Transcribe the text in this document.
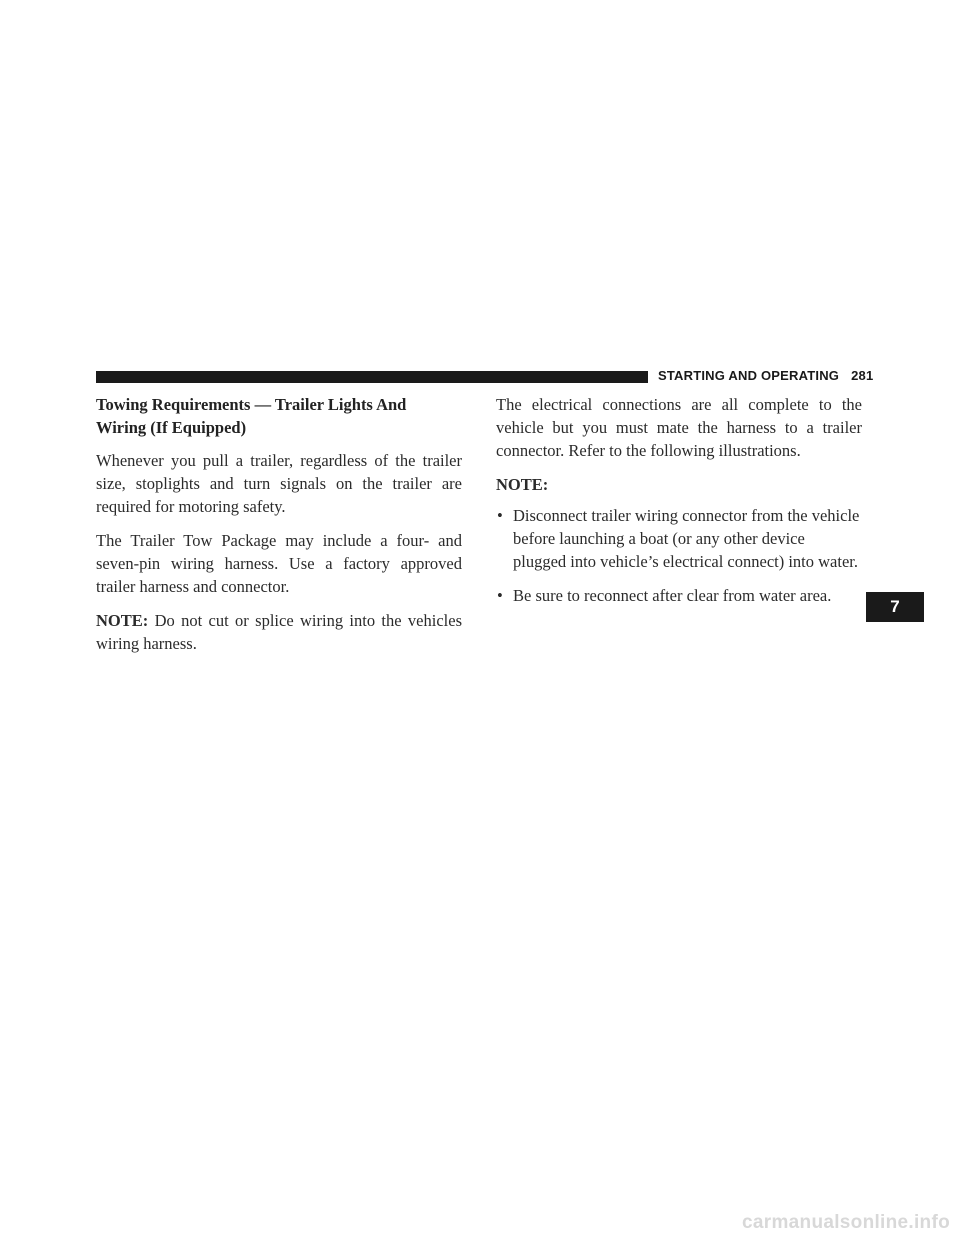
STARTING AND OPERATING 281
Towing Requirements — Trailer Lights And
Wiring (If Equipped)

Whenever you pull a trailer, regardless of the trailer size, stoplights and turn signals on the trailer are required for motoring safety.

The Trailer Tow Package may include a four- and seven-pin wiring harness. Use a factory approved trailer harness and connector.

NOTE: Do not cut or splice wiring into the vehicles wiring harness.

The electrical connections are all complete to the vehicle but you must mate the harness to a trailer connector. Refer to the following illustrations.

NOTE:
• Disconnect trailer wiring connector from the vehicle before launching a boat (or any other device plugged into vehicle’s electrical connect) into water.
• Be sure to reconnect after clear from water area.
7
carmanualsonline.info
